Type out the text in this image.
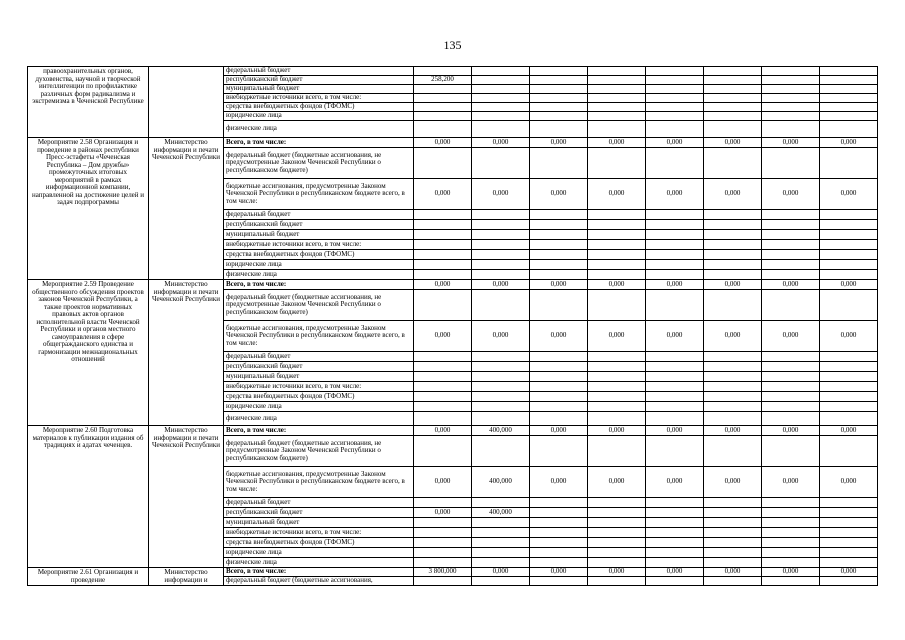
135
правоохранительных органов, духовенства, научной и творческой интеллигенции по профилактике различных форм радикализма и экстремизма в Чеченской Республике		федеральный бюджет								
		республиканский бюджет	258,200							
		муниципальный бюджет								
		внебюджетные источники всего, в том числе:								
		средства внебюджетных фондов (ТФОМС)								
		юридические лица								
		физические лица								
Мероприятие 2.58 Организация и проведение в районах республики Пресс-эстафеты «Чеченская Республика – Дом дружбы» промежуточных итоговых мероприятий в рамках информационной компании, направленной на достижение целей и задач подпрограммы	Министерство информации и печати Чеченской Республики	Всего, в том числе:	0,000	0,000	0,000	0,000	0,000	0,000	0,000	0,000
		федеральный бюджет (бюджетные ассигнования, не предусмотренные Законом Чеченской Республики о республиканском бюджете)								
		бюджетные ассигнования, предусмотренные Законом Чеченской Республики в республиканском бюджете всего, в том числе:	0,000	0,000	0,000	0,000	0,000	0,000	0,000	0,000
		федеральный бюджет								
		республиканский бюджет								
		муниципальный бюджет								
		внебюджетные источники всего, в том числе:								
		средства внебюджетных фондов (ТФОМС)								
		юридические лица								
		физические лица								
Мероприятие 2.59 Проведение общественного обсуждения проектов законов Чеченской Республики, а также проектов нормативных правовых актов органов исполнительной власти Чеченской Республики и органов местного самоуправления в сфере общегражданского единства и гармонизации межнациональных отношений	Министерство информации и печати Чеченской Республики	Всего, в том числе:	0,000	0,000	0,000	0,000	0,000	0,000	0,000	0,000
		федеральный бюджет (бюджетные ассигнования, не предусмотренные Законом Чеченской Республики о республиканском бюджете)								
		бюджетные ассигнования, предусмотренные Законом Чеченской Республики в республиканском бюджете всего, в том числе:	0,000	0,000	0,000	0,000	0,000	0,000	0,000	0,000
		федеральный бюджет								
		республиканский бюджет								
		муниципальный бюджет								
		внебюджетные источники всего, в том числе:								
		средства внебюджетных фондов (ТФОМС)								
		юридические лица								
		физические лица								
Мероприятие 2.60 Подготовка материалов к публикации издания об традициях и адатах чеченцев.	Министерство информации и печати Чеченской Республики	Всего, в том числе:	0,000	400,000	0,000	0,000	0,000	0,000	0,000	0,000
		федеральный бюджет (бюджетные ассигнования, не предусмотренные Законом Чеченской Республики о республиканском бюджете)								
		бюджетные ассигнования, предусмотренные Законом Чеченской Республики в республиканском бюджете всего, в том числе:	0,000	400,000	0,000	0,000	0,000	0,000	0,000	0,000
		федеральный бюджет								
		республиканский бюджет	0,000	400,000						
		муниципальный бюджет								
		внебюджетные источники всего, в том числе:								
		средства внебюджетных фондов (ТФОМС)								
		юридические лица								
		физические лица								
Мероприятие 2.61 Организация и проведение	Министерство информации и	Всего, в том числе:	3 800,000	0,000	0,000	0,000	0,000	0,000	0,000	0,000
		федеральный бюджет (бюджетные ассигнования,								
